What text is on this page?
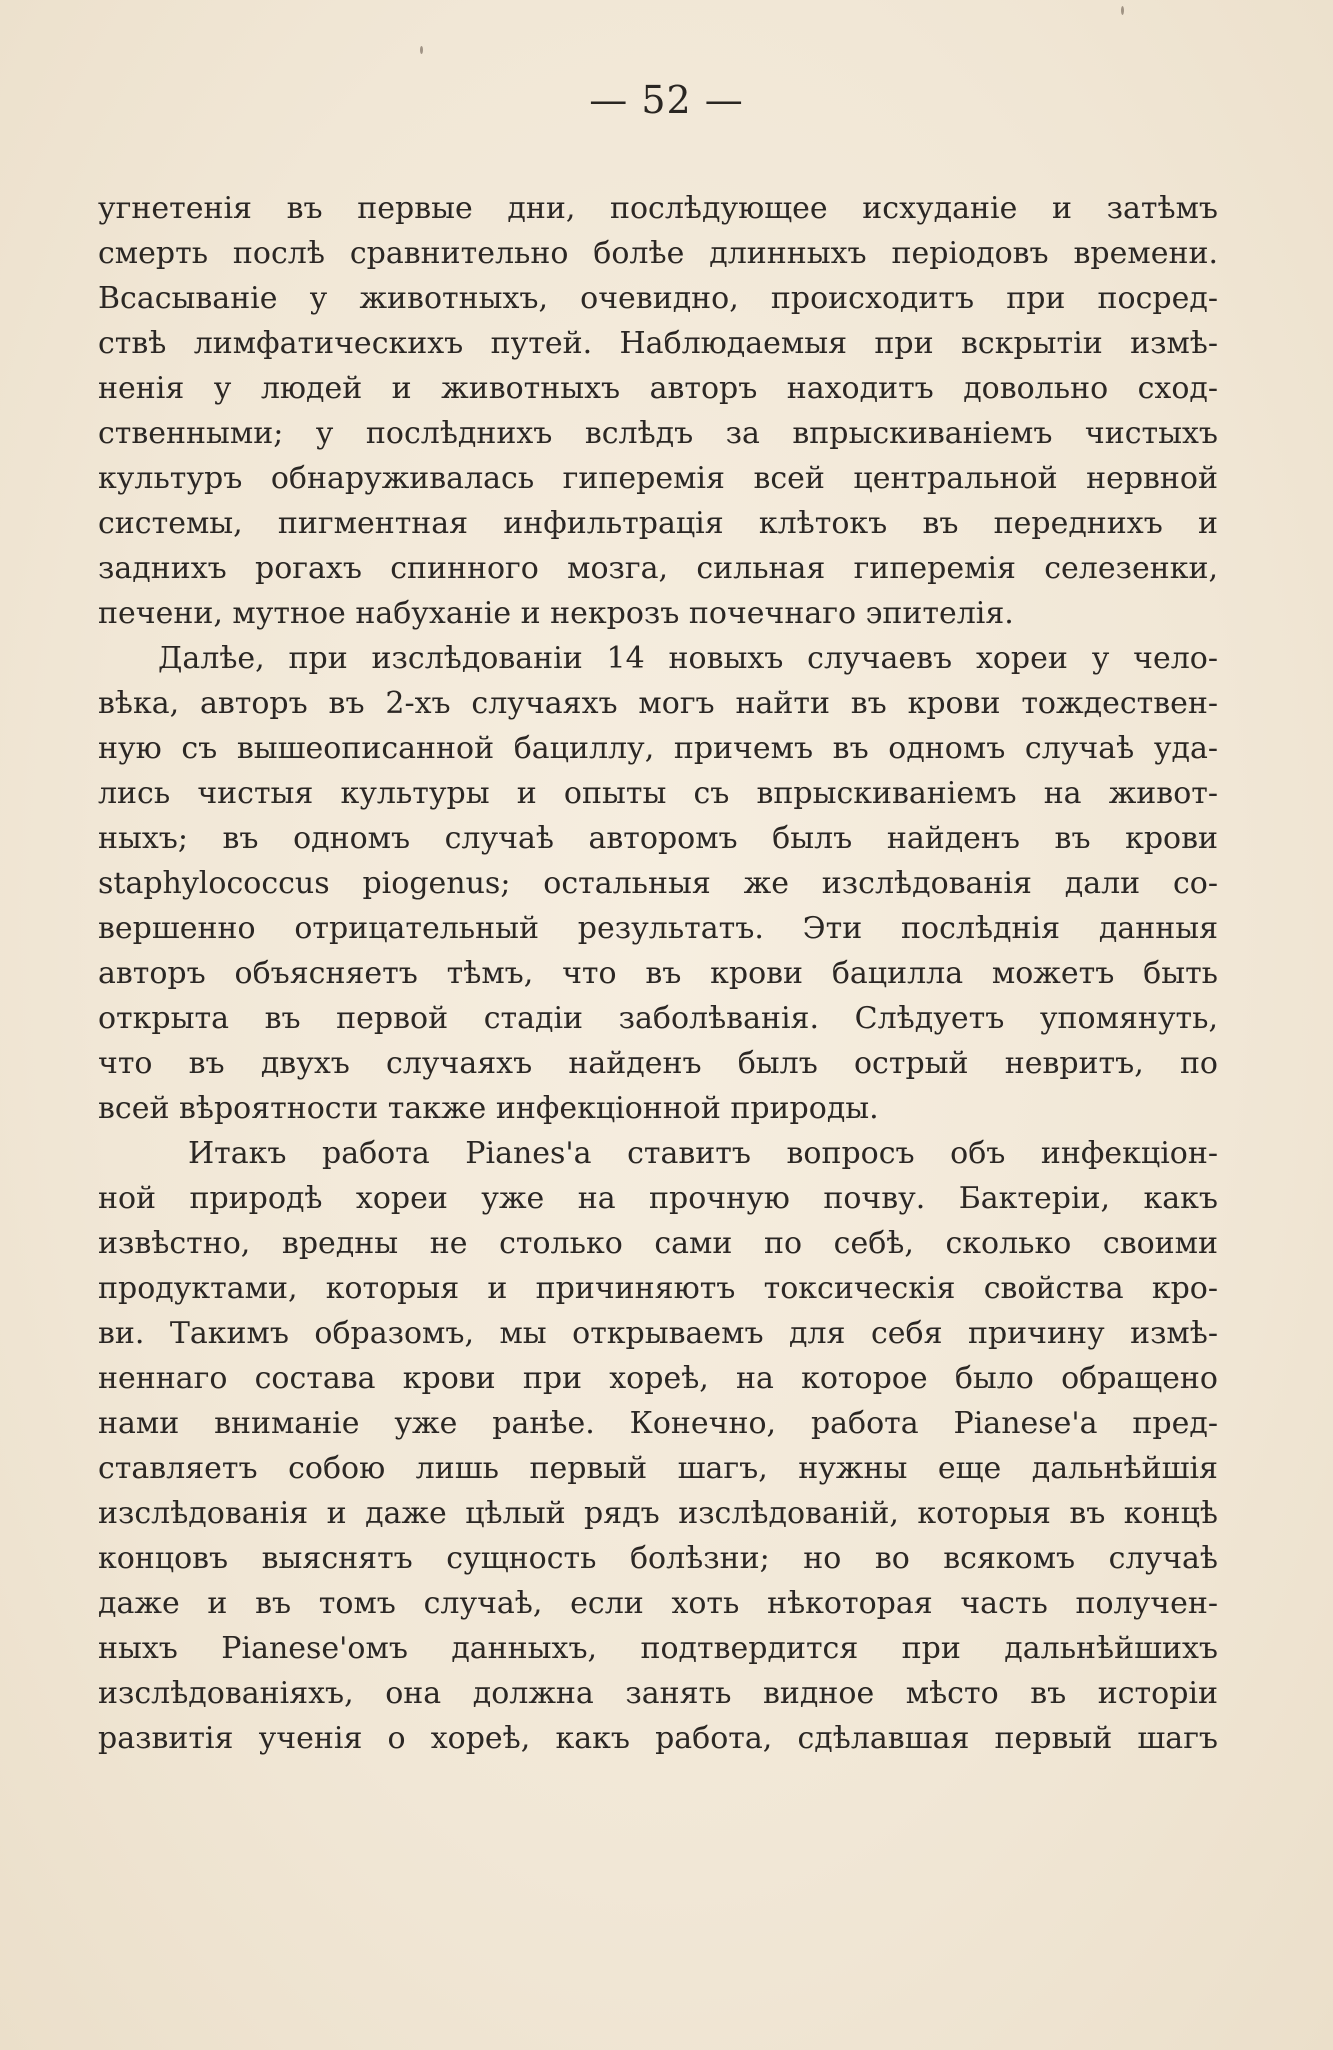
— 52 —
угнетенія въ первые дни, послѣдующее исхуданіе и затѣмъ
смерть послѣ сравнительно болѣе длинныхъ періодовъ времени.
Всасываніе у животныхъ, очевидно, происходитъ при посред-
ствѣ лимфатическихъ путей. Наблюдаемыя при вскрытіи измѣ-
ненія у людей и животныхъ авторъ находитъ довольно сход-
ственными; у послѣднихъ вслѣдъ за впрыскиваніемъ чистыхъ
культуръ обнаруживалась гиперемія всей центральной нервной
системы, пигментная инфильтрація клѣтокъ въ переднихъ и
заднихъ рогахъ спинного мозга, сильная гиперемія селезенки,
печени, мутное набуханіе и некрозъ почечнаго эпителія.
Далѣе, при изслѣдованіи 14 новыхъ случаевъ хореи у чело-
вѣка, авторъ въ 2-хъ случаяхъ могъ найти въ крови тождествен-
ную съ вышеописанной бациллу, причемъ въ одномъ случаѣ уда-
лись чистыя культуры и опыты съ впрыскиваніемъ на живот-
ныхъ; въ одномъ случаѣ авторомъ былъ найденъ въ крови
staphylococcus piogenus; остальныя же изслѣдованія дали со-
вершенно отрицательный результатъ. Эти послѣднія данныя
авторъ объясняетъ тѣмъ, что въ крови бацилла можетъ быть
открыта въ первой стадіи заболѣванія. Слѣдуетъ упомянуть,
что въ двухъ случаяхъ найденъ былъ острый невритъ, по
всей вѣроятности также инфекціонной природы.
Итакъ работа Pianes'а ставитъ вопросъ объ инфекціон-
ной природѣ хореи уже на прочную почву. Бактеріи, какъ
извѣстно, вредны не столько сами по себѣ, сколько своими
продуктами, которыя и причиняютъ токсическія свойства кро-
ви. Такимъ образомъ, мы открываемъ для себя причину измѣ-
неннаго состава крови при хореѣ, на которое было обращено
нами вниманіе уже ранѣе. Конечно, работа Pianese'а пред-
ставляетъ собою лишь первый шагъ, нужны еще дальнѣйшія
изслѣдованія и даже цѣлый рядъ изслѣдованій, которыя въ концѣ
концовъ выяснятъ сущность болѣзни; но во всякомъ случаѣ
даже и въ томъ случаѣ, если хоть нѣкоторая часть получен-
ныхъ Pianese'омъ данныхъ, подтвердится при дальнѣйшихъ
изслѣдованіяхъ, она должна занять видное мѣсто въ исторіи
развитія ученія о хореѣ, какъ работа, сдѣлавшая первый шагъ
